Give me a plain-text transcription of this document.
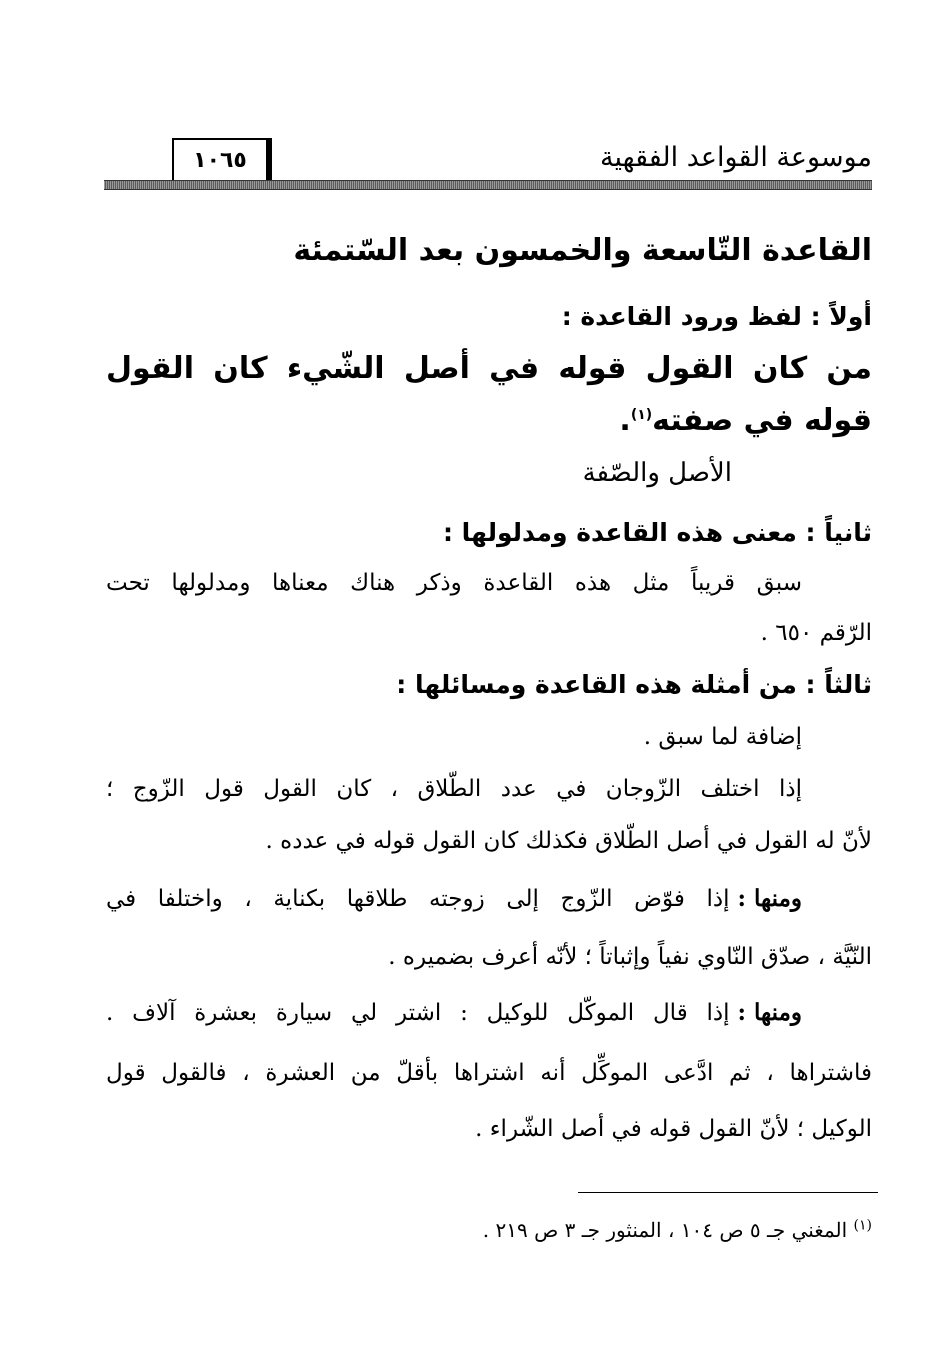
موسوعة القواعد الفقهية
١٠٦٥
القاعدة التّاسعة والخمسون بعد السّتمئة
أولاً : لفظ ورود القاعدة :
من كان القول قوله في أصل الشّيء كان القول
قوله في صفته$^{(١)}$.
الأصل والصّفة
ثانياً : معنى هذه القاعدة ومدلولها :
سبق قريباً مثل هذه القاعدة وذكر هناك معناها ومدلولها تحت
الرّقم ٦٥٠ .
ثالثاً : من أمثلة هذه القاعدة ومسائلها :
إضافة لما سبق .
إذا اختلف الزّوجان في عدد الطّلاق ، كان القول قول الزّوج ؛
لأنّ له القول في أصل الطّلاق فكذلك كان القول قوله في عدده .
ومنها :
إذا فوّض الزّوج إلى زوجته طلاقها بكناية ، واختلفا في
النّيَّة ، صدّق النّاوي نفياً وإثباتاً ؛ لأنّه أعرف بضميره .
ومنها :
إذا قال الموكّل للوكيل : اشتر لي سيارة بعشرة آلاف .
فاشتراها ، ثم ادَّعى الموكِّل أنه اشتراها بأقلّ من العشرة ، فالقول قول
الوكيل ؛ لأنّ القول قوله في أصل الشّراء .
$^{(١)}$ المغني جـ ٥ ص ١٠٤ ، المنثور جـ ٣ ص ٢١٩ .
